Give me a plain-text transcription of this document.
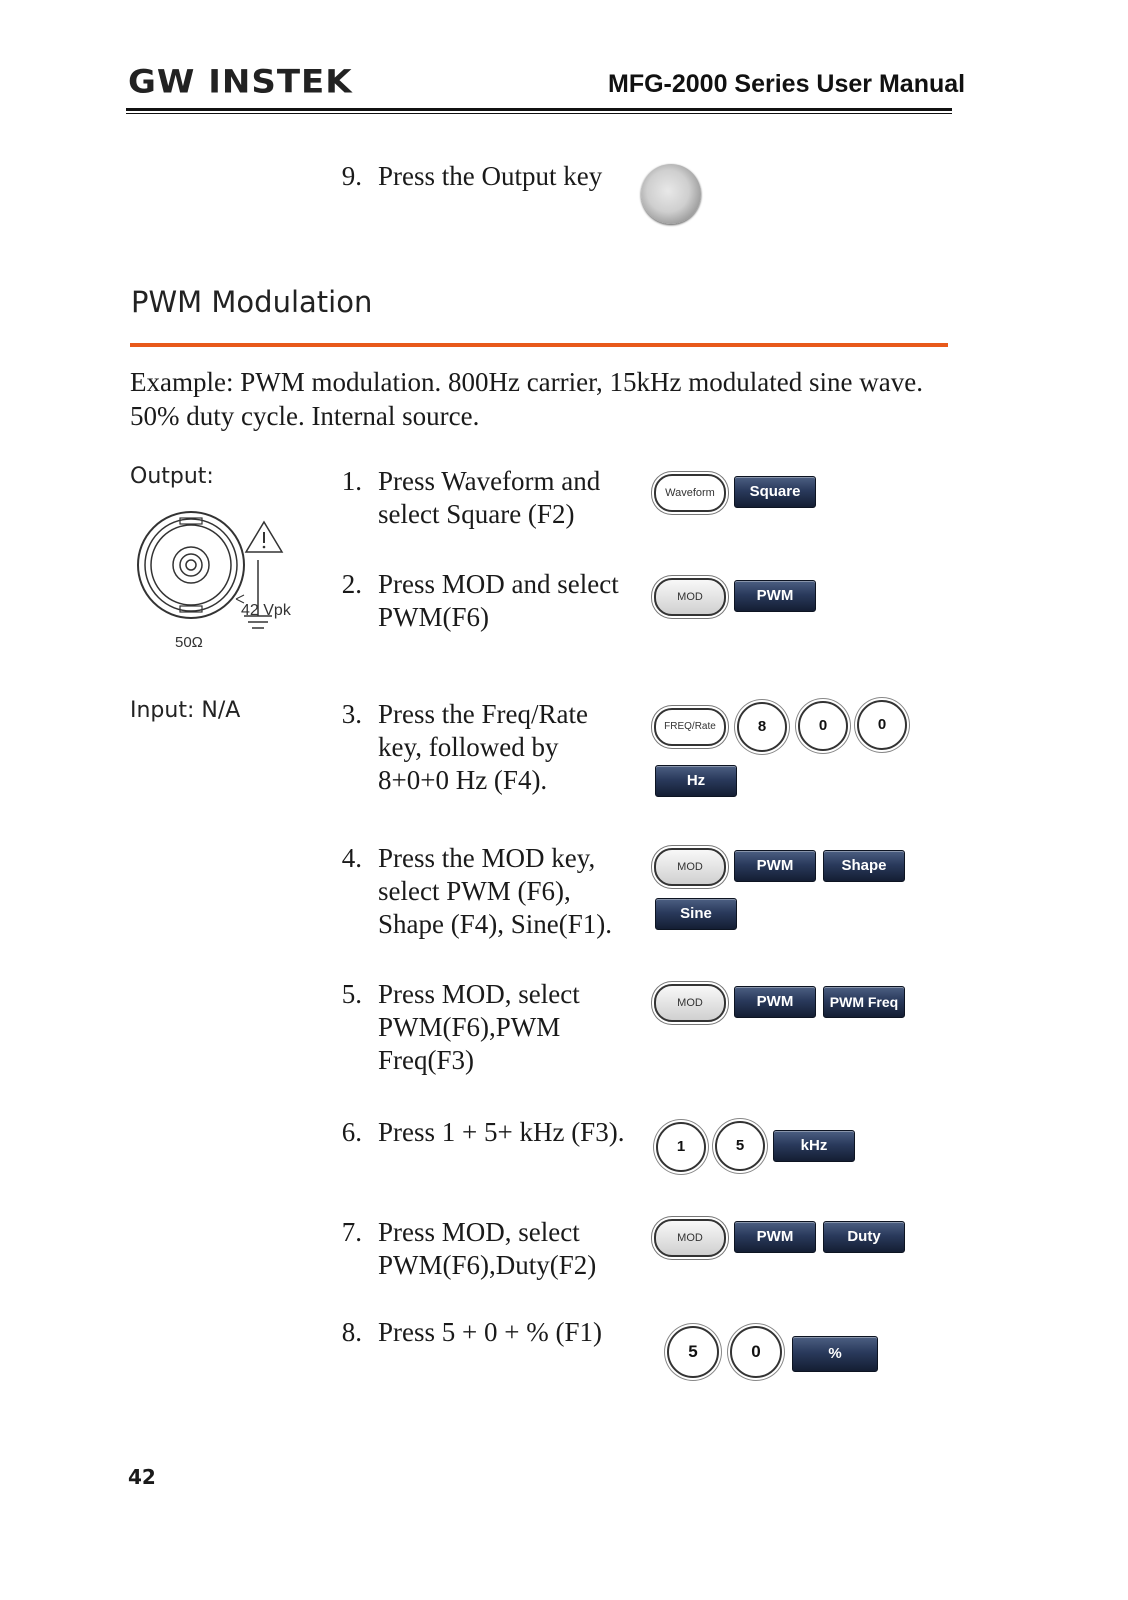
GW INSTEK	MFG-2000 Series User Manual
9. Press the Output key
PWM Modulation
Example: PWM modulation. 800Hz carrier, 15kHz modulated sine wave. 50% duty cycle. Internal source.
Output:
42 Vpk
50Ω
Input: N/A
1. Press Waveform and select Square (F2)
Waveform	Square
2. Press MOD and select PWM(F6)
MOD	PWM
3. Press the Freq/Rate key, followed by 8+0+0 Hz (F4).
FREQ/Rate	8	0	0
Hz
4. Press the MOD key, select PWM (F6), Shape (F4), Sine(F1).
MOD	PWM	Shape
Sine
5. Press MOD, select PWM(F6),PWM Freq(F3)
MOD	PWM	PWM Freq
6. Press 1 + 5+ kHz (F3).	1	5	kHz
7. Press MOD, select PWM(F6),Duty(F2)
MOD	PWM	Duty
8. Press 5 + 0 + % (F1)
5	0	%
42
